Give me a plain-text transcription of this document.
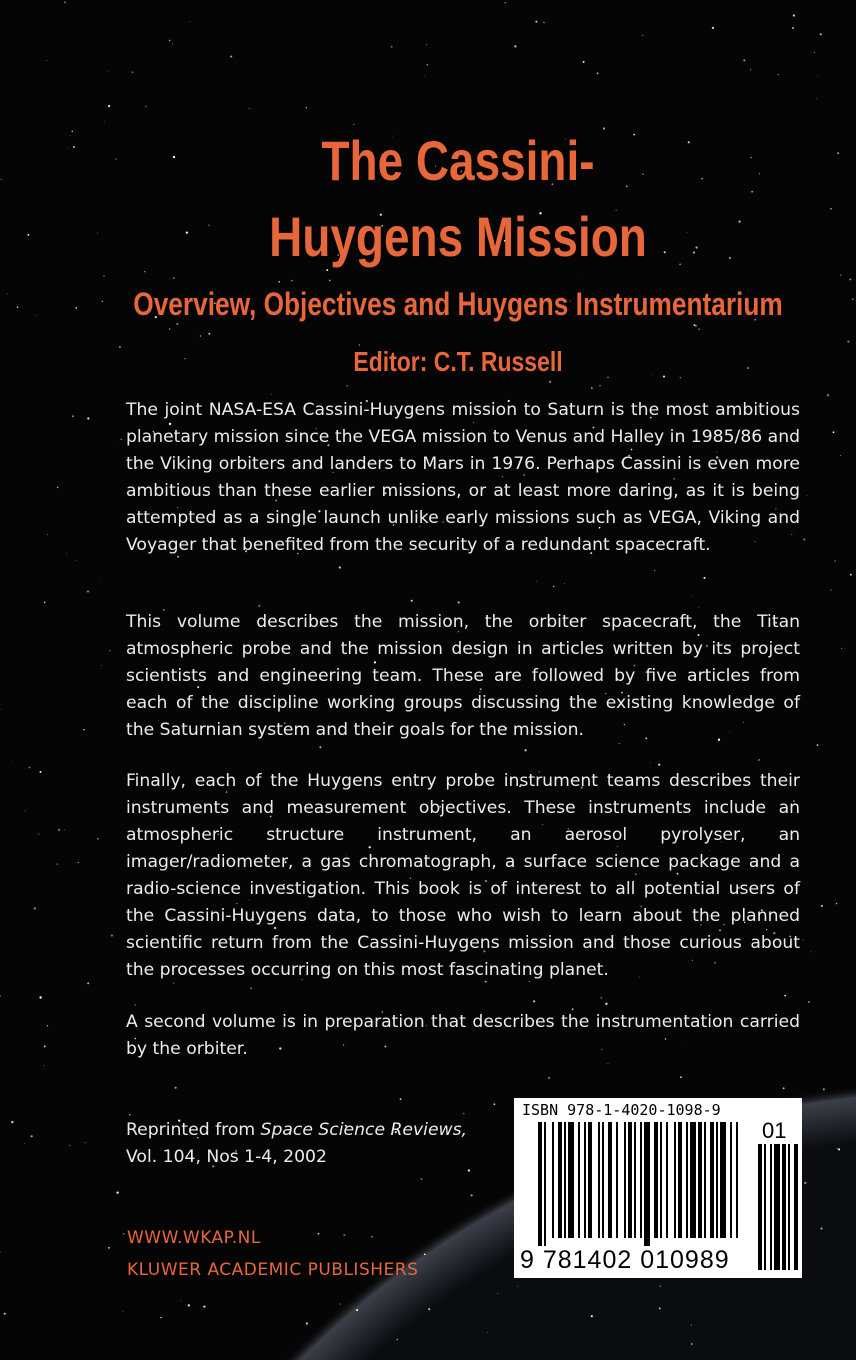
The Cassini-
Huygens Mission
Overview, Objectives and Huygens Instrumentarium
Editor: C.T. Russell

The joint NASA-ESA Cassini-Huygens mission to Saturn is the most ambitious planetary mission since the VEGA mission to Venus and Halley in 1985/86 and the Viking orbiters and landers to Mars in 1976. Perhaps Cassini is even more ambitious than these earlier missions, or at least more daring, as it is being attempted as a single launch unlike early missions such as VEGA, Viking and Voyager that benefited from the security of a redundant spacecraft.

This volume describes the mission, the orbiter spacecraft, the Titan atmospheric probe and the mission design in articles written by its project scientists and engineering team. These are followed by five articles from each of the discipline working groups discussing the existing knowledge of the Saturnian system and their goals for the mission.

Finally, each of the Huygens entry probe instrument teams describes their instruments and measurement objectives. These instruments include an atmospheric structure instrument, an aerosol pyrolyser, an imager/radiometer, a gas chromatograph, a surface science package and a radio-science investigation. This book is of interest to all potential users of the Cassini-Huygens data, to those who wish to learn about the planned scientific return from the Cassini-Huygens mission and those curious about the processes occurring on this most fascinating planet.

A second volume is in preparation that describes the instrumentation carried by the orbiter.

Reprinted from Space Science Reviews,
Vol. 104, Nos 1-4, 2002
WWW.WKAP.NL
KLUWER ACADEMIC PUBLISHERS
ISBN 978-1-4020-1098-9
9 781402 010989
01
